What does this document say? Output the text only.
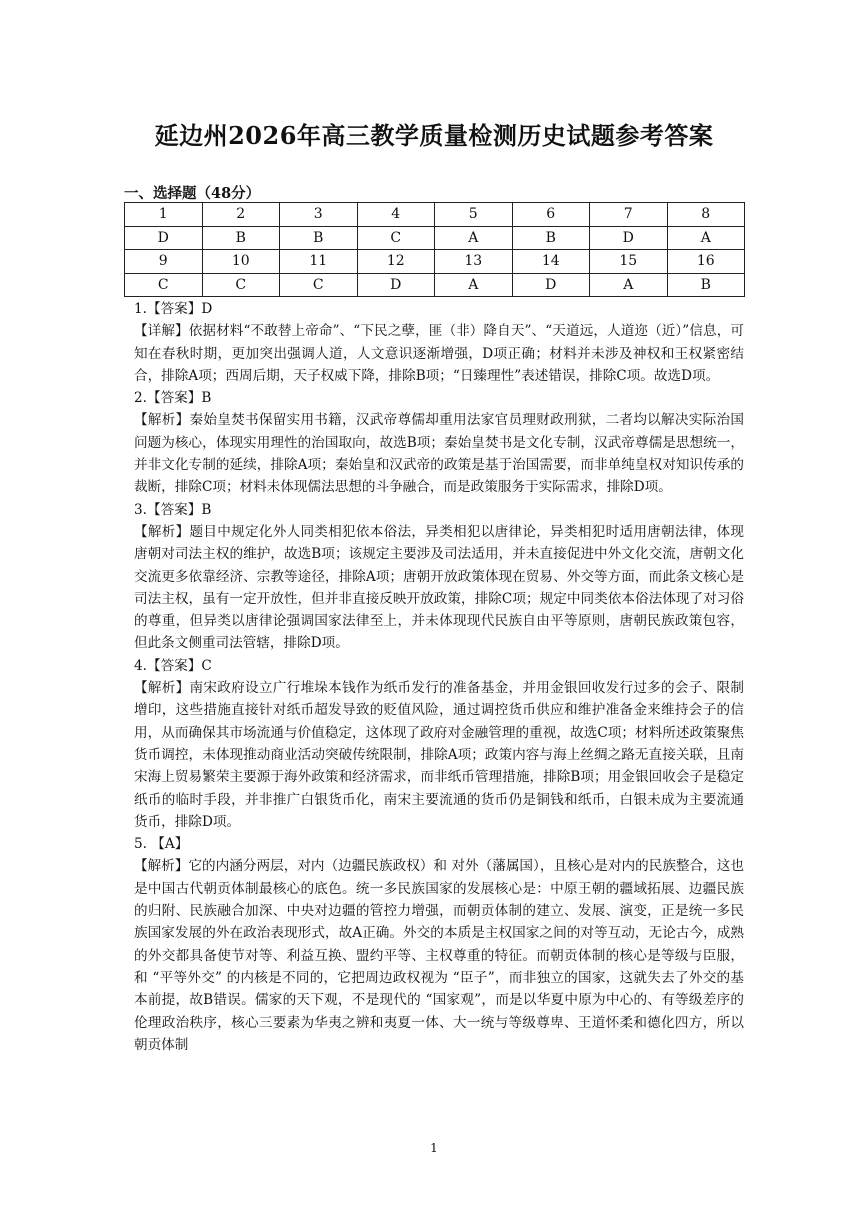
延边州2026年高三教学质量检测历史试题参考答案
一、选择题（48分）
1	2	3	4	5	6	7	8
D	B	B	C	A	B	D	A
9	10	11	12	13	14	15	16
C	C	C	D	A	D	A	B

1.【答案】D

【详解】依据材料“不敢替上帝命”、“下民之孽，匪（非）降自天”、“天道远，人道迩（近）”信息，可知在春秋时期，更加突出强调人道，人文意识逐渐增强，D项正确；材料并未涉及神权和王权紧密结合，排除A项；西周后期，天子权威下降，排除B项；“日臻理性”表述错误，排除C项。故选D项。

2.【答案】B

【解析】秦始皇焚书保留实用书籍，汉武帝尊儒却重用法家官员理财政刑狱，二者均以解决实际治国问题为核心，体现实用理性的治国取向，故选B项；秦始皇焚书是文化专制，汉武帝尊儒是思想统一，并非文化专制的延续，排除A项；秦始皇和汉武帝的政策是基于治国需要，而非单纯皇权对知识传承的裁断，排除C项；材料未体现儒法思想的斗争融合，而是政策服务于实际需求，排除D项。

3.【答案】B

【解析】题目中规定化外人同类相犯依本俗法，异类相犯以唐律论，异类相犯时适用唐朝法律，体现唐朝对司法主权的维护，故选B项；该规定主要涉及司法适用，并未直接促进中外文化交流，唐朝文化交流更多依靠经济、宗教等途径，排除A项；唐朝开放政策体现在贸易、外交等方面，而此条文核心是司法主权，虽有一定开放性，但并非直接反映开放政策，排除C项；规定中同类依本俗法体现了对习俗的尊重，但异类以唐律论强调国家法律至上，并未体现现代民族自由平等原则，唐朝民族政策包容，但此条文侧重司法管辖，排除D项。

4.【答案】C

【解析】南宋政府设立广行堆垛本钱作为纸币发行的准备基金，并用金银回收发行过多的会子、限制增印，这些措施直接针对纸币超发导致的贬值风险，通过调控货币供应和维护准备金来维持会子的信用，从而确保其市场流通与价值稳定，这体现了政府对金融管理的重视，故选C项；材料所述政策聚焦货币调控，未体现推动商业活动突破传统限制，排除A项；政策内容与海上丝绸之路无直接关联，且南宋海上贸易繁荣主要源于海外政策和经济需求，而非纸币管理措施，排除B项；用金银回收会子是稳定纸币的临时手段，并非推广白银货币化，南宋主要流通的货币仍是铜钱和纸币，白银未成为主要流通货币，排除D项。

5. 【A】

【解析】它的内涵分两层，对内（边疆民族政权）和 对外（藩属国），且核心是对内的民族整合，这也是中国古代朝贡体制最核心的底色。统一多民族国家的发展核心是：中原王朝的疆域拓展、边疆民族的归附、民族融合加深、中央对边疆的管控力增强，而朝贡体制的建立、发展、演变，正是统一多民族国家发展的外在政治表现形式，故A正确。外交的本质是主权国家之间的对等互动，无论古今，成熟的外交都具备使节对等、利益互换、盟约平等、主权尊重的特征。而朝贡体制的核心是等级与臣服，和 “平等外交” 的内核是不同的，它把周边政权视为 “臣子”，而非独立的国家，这就失去了外交的基本前提，故B错误。儒家的天下观，不是现代的 “国家观”，而是以华夏中原为中心的、有等级差序的伦理政治秩序，核心三要素为华夷之辨和夷夏一体、大一统与等级尊卑、王道怀柔和德化四方，所以朝贡体制

1
